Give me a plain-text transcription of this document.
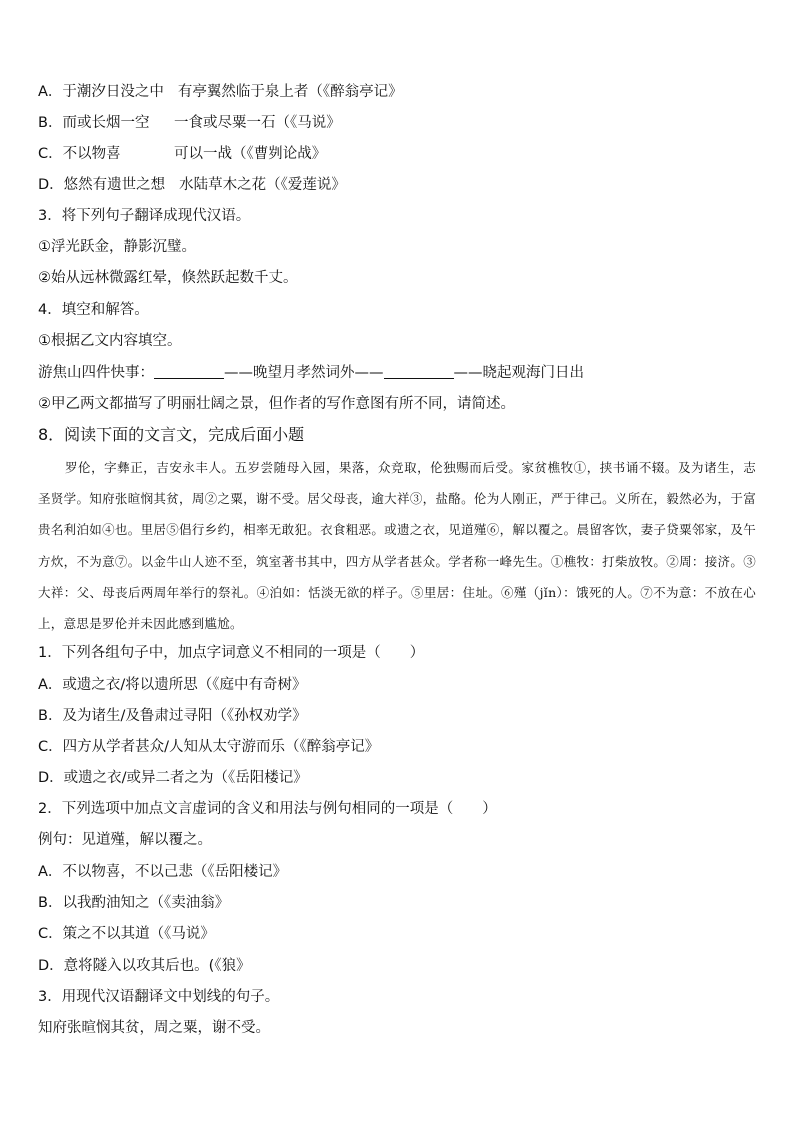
A．于潮汐日没之中 有亭翼然临于泉上者（《醉翁亭记》
B．而或长烟一空 一食或尽粟一石（《马说》
C．不以物喜	可以一战（《曹刿论战》
D．悠然有遗世之想 水陆草木之花（《爱莲说》
3．将下列句子翻译成现代汉语。
①浮光跃金，静影沉璧。
②始从远林微露红晕，倏然跃起数千丈。
4．填空和解答。
①根据乙文内容填空。
游焦山四件快事：	——晚望月孝然词外——	——晓起观海门日出
②甲乙两文都描写了明丽壮阔之景，但作者的写作意图有所不同，请简述。
8．阅读下面的文言文，完成后面小题
罗伦，字彝正，吉安永丰人。五岁尝随母入园，果落，众竞取，伦独赐而后受。家贫樵牧①，挟书诵不辍。及为诸生，志圣贤学。知府张暄悯其贫，周②之粟，谢不受。居父母丧，逾大祥③，盐酪。伦为人刚正，严于律己。义所在，毅然必为，于富贵名利泊如④也。里居⑤倡行乡约，相率无敢犯。衣食粗恶。或遗之衣，见道殣⑥，解以覆之。晨留客饮，妻子贷粟邻家，及午方炊，不为意⑦。以金牛山人迹不至，筑室著书其中，四方从学者甚众。学者称一峰先生。①樵牧：打柴放牧。②周：接济。③大祥：父、母丧后两周年举行的祭礼。④泊如：恬淡无欲的样子。⑤里居：住址。⑥殣（jǐn）：饿死的人。⑦不为意：不放在心上，意思是罗伦并未因此感到尴尬。
1．下列各组句子中，加点字词意义不相同的一项是（　　）
A．或遗之衣/将以遗所思（《庭中有奇树》
B．及为诸生/及鲁肃过寻阳（《孙权劝学》
C．四方从学者甚众/人知从太守游而乐（《醉翁亭记》
D．或遗之衣/或异二者之为（《岳阳楼记》
2．下列选项中加点文言虚词的含义和用法与例句相同的一项是（　　）
例句：见道殣，解以覆之。
A．不以物喜，不以己悲（《岳阳楼记》
B．以我酌油知之（《卖油翁》
C．策之不以其道（《马说》
D．意将隧入以攻其后也。(《狼》
3．用现代汉语翻译文中划线的句子。
知府张暄悯其贫，周之粟，谢不受。
